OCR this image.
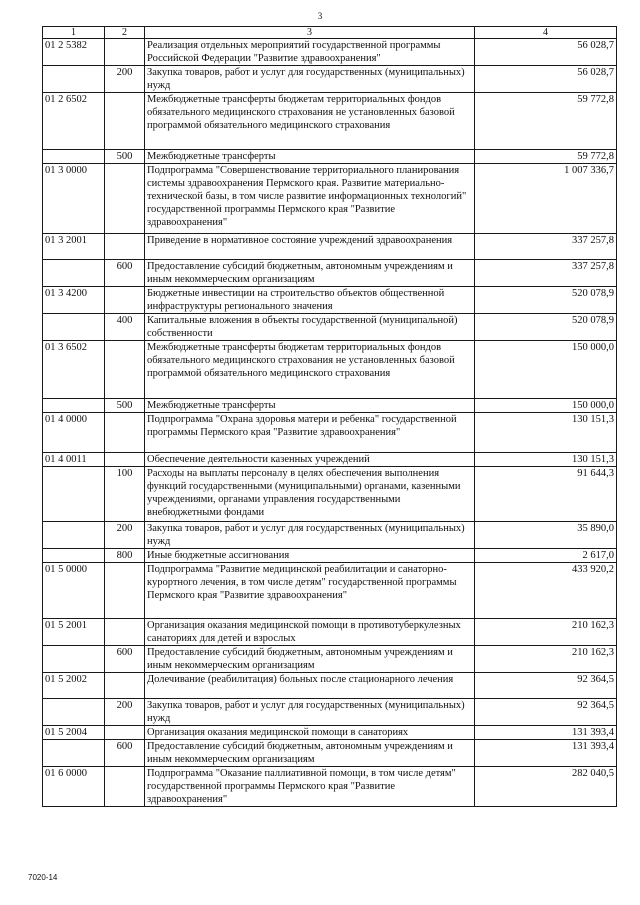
3
1	2	3	4
01 2 5382		Реализация отдельных мероприятий государственной программы Российской Федерации "Развитие здравоохранения"	56 028,7
	200	Закупка товаров, работ и услуг для государственных (муниципальных) нужд	56 028,7
01 2 6502		Межбюджетные трансферты бюджетам территориальных фондов обязательного медицинского страхования не установленных базовой программой обязательного медицинского страхования	59 772,8
	500	Межбюджетные трансферты	59 772,8
01 3 0000		Подпрограмма "Совершенствование территориального планирования системы здравоохранения Пермского края. Развитие материально-технической базы, в том числе развитие информационных технологий" государственной программы Пермского края "Развитие здравоохранения"	1 007 336,7
01 3 2001		Приведение в нормативное состояние учреждений здравоохранения	337 257,8
	600	Предоставление субсидий бюджетным, автономным учреждениям и иным некоммерческим организациям	337 257,8
01 3 4200		Бюджетные инвестиции на строительство объектов общественной инфраструктуры регионального значения	520 078,9
	400	Капитальные вложения в объекты государственной (муниципальной) собственности	520 078,9
01 3 6502		Межбюджетные трансферты бюджетам территориальных фондов обязательного медицинского страхования не установленных базовой программой обязательного медицинского страхования	150 000,0
	500	Межбюджетные трансферты	150 000,0
01 4 0000		Подпрограмма "Охрана здоровья матери и ребенка" государственной программы Пермского края "Развитие здравоохранения"	130 151,3
01 4 0011		Обеспечение деятельности казенных учреждений	130 151,3
	100	Расходы на выплаты персоналу в целях обеспечения выполнения функций государственными (муниципальными) органами, казенными учреждениями, органами управления государственными внебюджетными фондами	91 644,3
	200	Закупка товаров, работ и услуг для государственных (муниципальных) нужд	35 890,0
	800	Иные бюджетные ассигнования	2 617,0
01 5 0000		Подпрограмма "Развитие медицинской реабилитации и санаторно-курортного лечения, в том числе детям" государственной программы Пермского края "Развитие здравоохранения"	433 920,2
01 5 2001		Организация оказания медицинской помощи в противотуберкулезных санаториях для детей и взрослых	210 162,3
	600	Предоставление субсидий бюджетным, автономным учреждениям и иным некоммерческим организациям	210 162,3
01 5 2002		Долечивание (реабилитация) больных после стационарного лечения	92 364,5
	200	Закупка товаров, работ и услуг для государственных (муниципальных) нужд	92 364,5
01 5 2004		Организация оказания медицинской помощи в санаториях	131 393,4
	600	Предоставление субсидий бюджетным, автономным учреждениям и иным некоммерческим организациям	131 393,4
01 6 0000		Подпрограмма "Оказание паллиативной помощи, в том числе детям" государственной программы Пермского края "Развитие здравоохранения"	282 040,5
7020-14
